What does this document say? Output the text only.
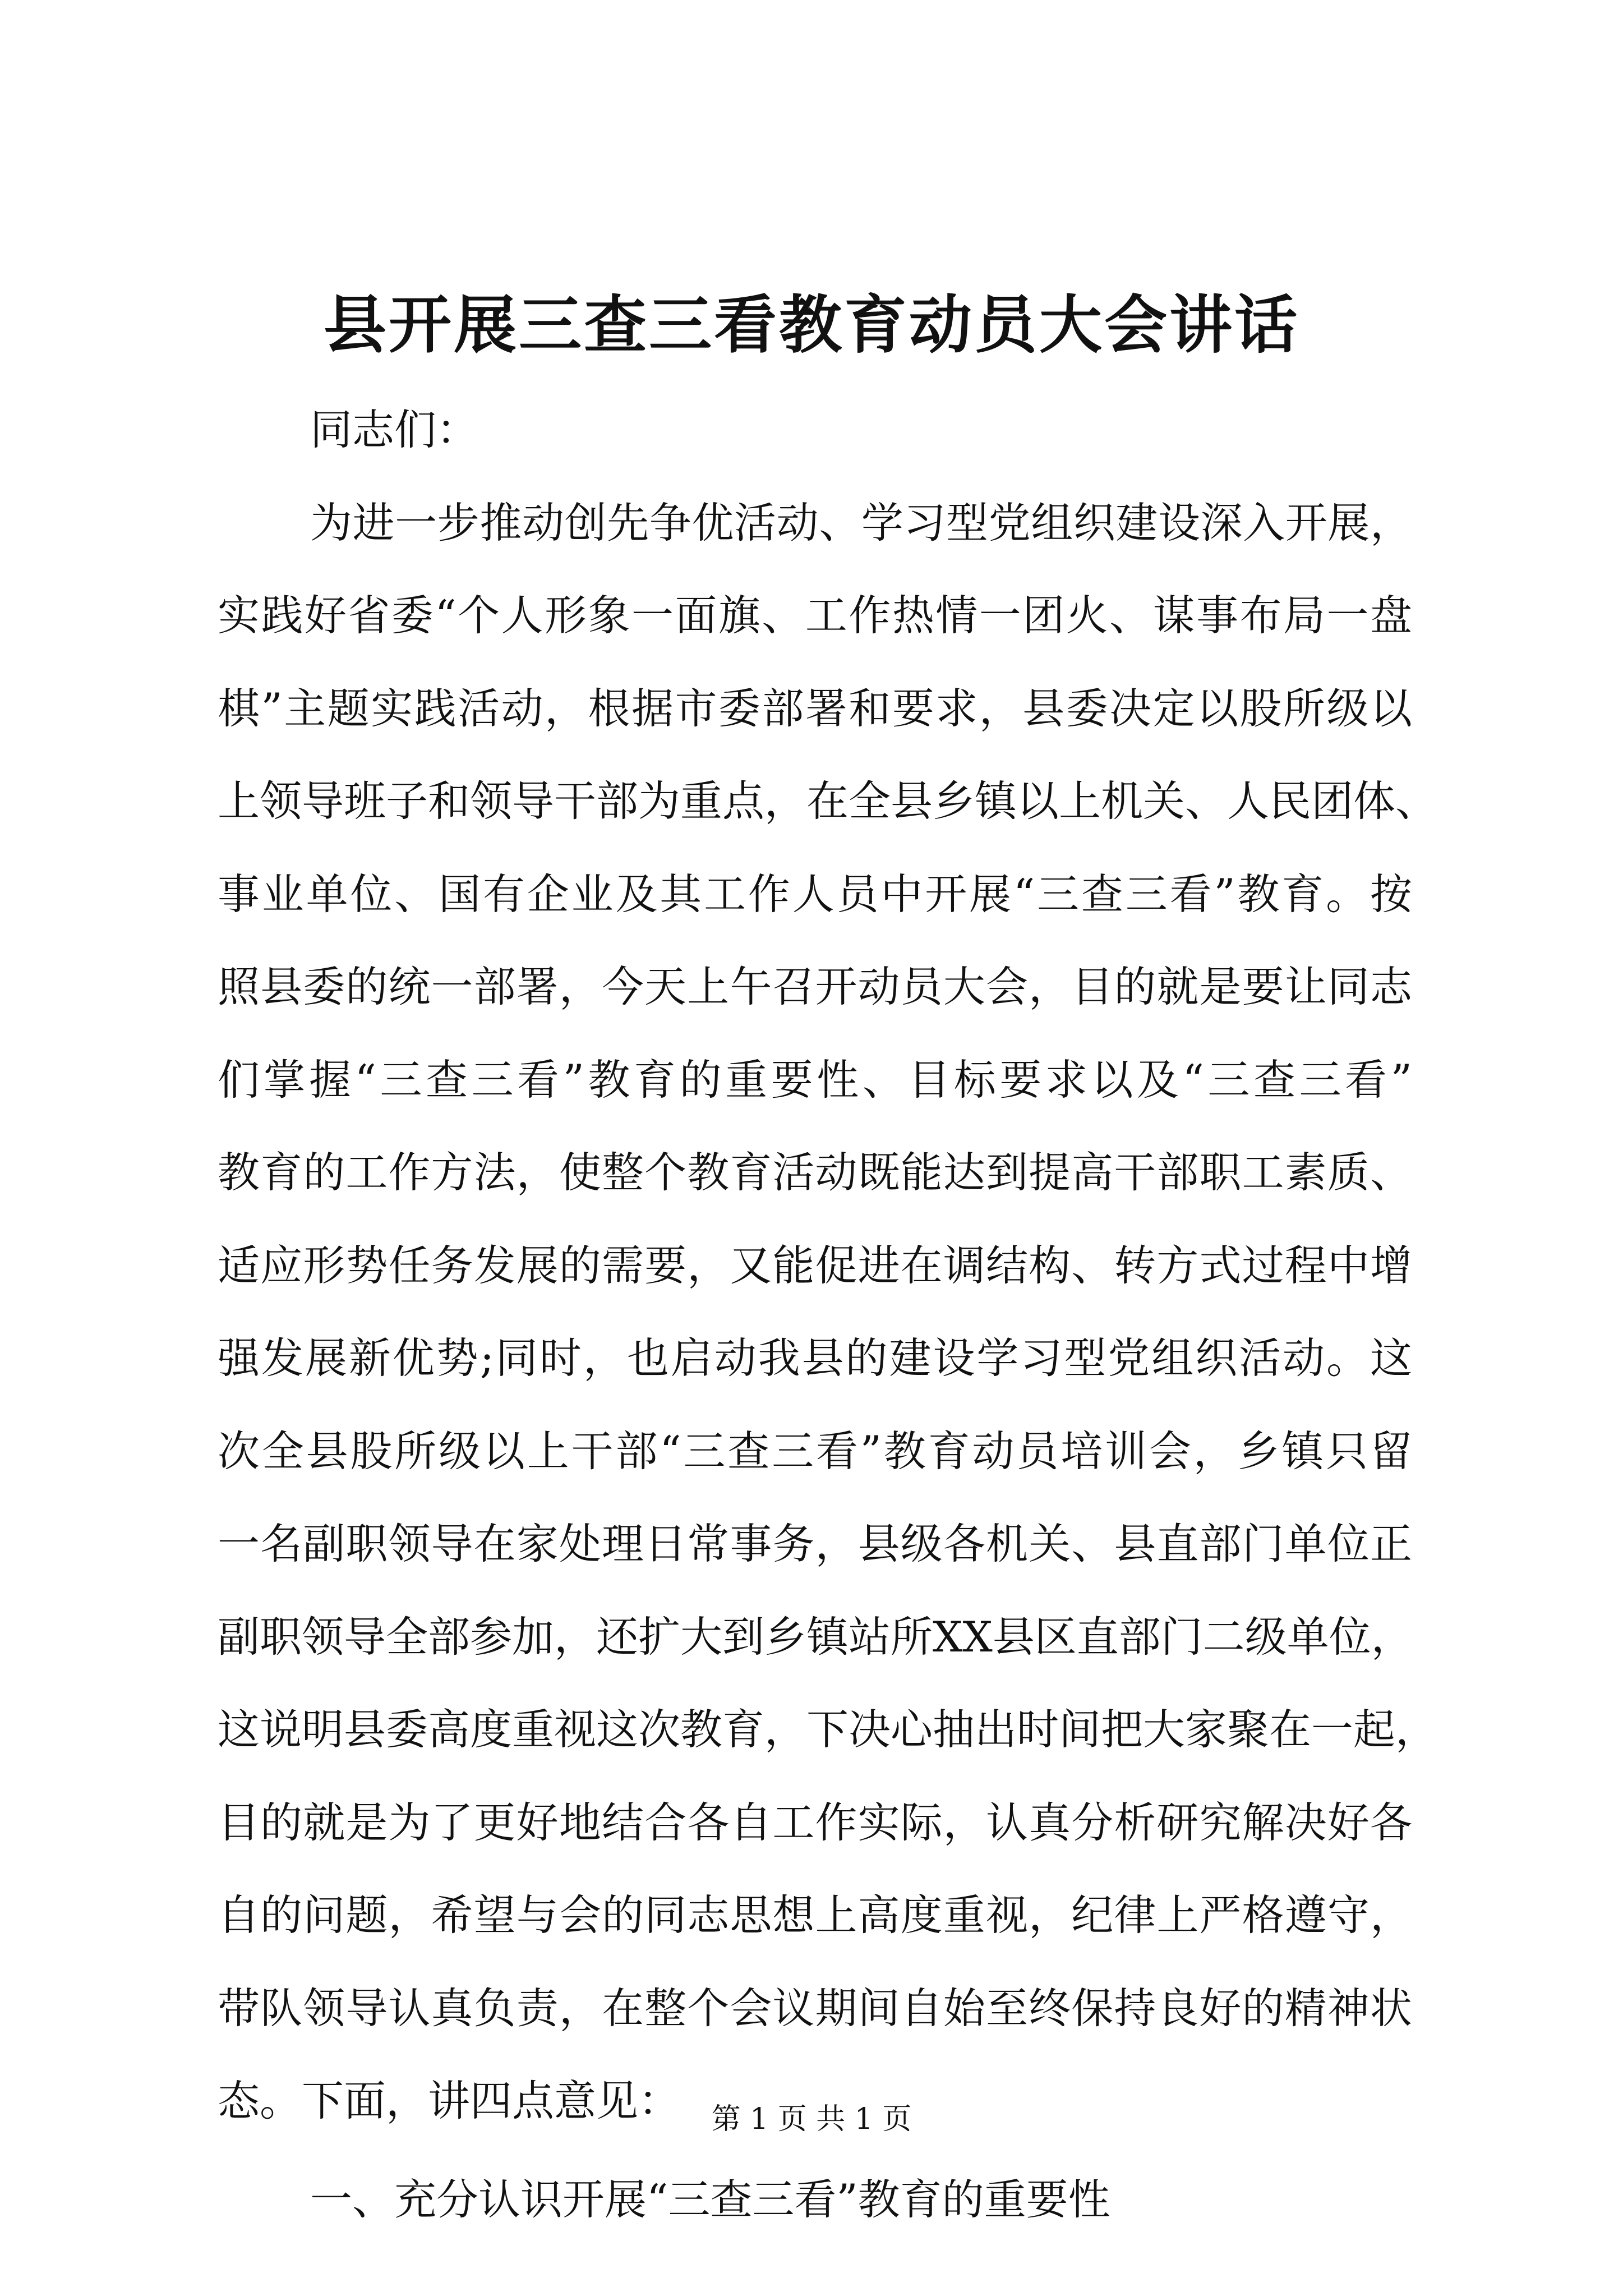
县开展三查三看教育动员大会讲话

同志们：

为进一步推动创先争优活动、学习型党组织建设深入开展，
实践好省委“个人形象一面旗、工作热情一团火、谋事布局一盘
棋”主题实践活动，根据市委部署和要求，县委决定以股所级以
上领导班子和领导干部为重点，在全县乡镇以上机关、人民团体、
事业单位、国有企业及其工作人员中开展“三查三看”教育。按
照县委的统一部署，今天上午召开动员大会，目的就是要让同志
们掌握“三查三看”教育的重要性、目标要求以及“三查三看”
教育的工作方法，使整个教育活动既能达到提高干部职工素质、
适应形势任务发展的需要，又能促进在调结构、转方式过程中增
强发展新优势;同时，也启动我县的建设学习型党组织活动。这
次全县股所级以上干部“三查三看”教育动员培训会，乡镇只留
一名副职领导在家处理日常事务，县级各机关、县直部门单位正
副职领导全部参加，还扩大到乡镇站所XX县区直部门二级单位，
这说明县委高度重视这次教育，下决心抽出时间把大家聚在一起，
目的就是为了更好地结合各自工作实际，认真分析研究解决好各
自的问题，希望与会的同志思想上高度重视，纪律上严格遵守，
带队领导认真负责，在整个会议期间自始至终保持良好的精神状
态。下面，讲四点意见：

一、充分认识开展“三查三看”教育的重要性

第 1 页 共 1 页
